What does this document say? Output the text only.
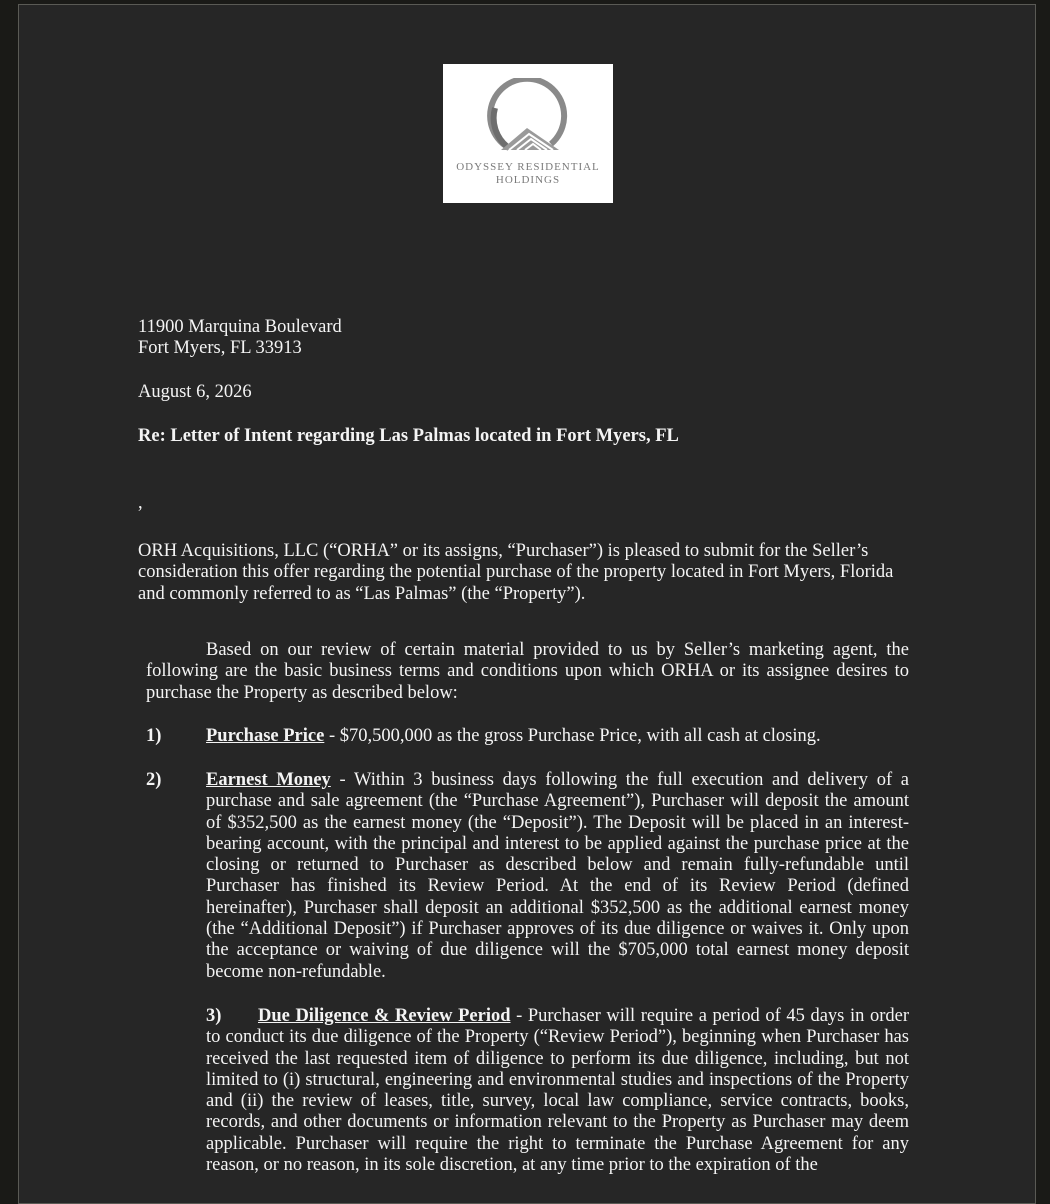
ODYSSEY RESIDENTIAL
HOLDINGS
11900 Marquina Boulevard
Fort Myers, FL 33913
August 6, 2026
Re: Letter of Intent regarding Las Palmas located in Fort Myers, FL
,
ORH Acquisitions, LLC (“ORHA” or its assigns, “Purchaser”) is pleased to submit for the Seller’s consideration this offer regarding the potential purchase of the property located in Fort Myers, Florida and commonly referred to as “Las Palmas” (the “Property”).
Based on our review of certain material provided to us by Seller’s marketing agent, the following are the basic business terms and conditions upon which ORHA or its assignee desires to purchase the Property as described below:
1) Purchase Price - $70,500,000 as the gross Purchase Price, with all cash at closing.
2) Earnest Money - Within 3 business days following the full execution and delivery of a purchase and sale agreement (the “Purchase Agreement”), Purchaser will deposit the amount of $352,500 as the earnest money (the “Deposit”). The Deposit will be placed in an interest-bearing account, with the principal and interest to be applied against the purchase price at the closing or returned to Purchaser as described below and remain fully-refundable until Purchaser has finished its Review Period. At the end of its Review Period (defined hereinafter), Purchaser shall deposit an additional $352,500 as the additional earnest money (the “Additional Deposit”) if Purchaser approves of its due diligence or waives it. Only upon the acceptance or waiving of due diligence will the $705,000 total earnest money deposit become non-refundable.
3) Due Diligence & Review Period - Purchaser will require a period of 45 days in order to conduct its due diligence of the Property (“Review Period”), beginning when Purchaser has received the last requested item of diligence to perform its due diligence, including, but not limited to (i) structural, engineering and environmental studies and inspections of the Property and (ii) the review of leases, title, survey, local law compliance, service contracts, books, records, and other documents or information relevant to the Property as Purchaser may deem applicable. Purchaser will require the right to terminate the Purchase Agreement for any reason, or no reason, in its sole discretion, at any time prior to the expiration of the
